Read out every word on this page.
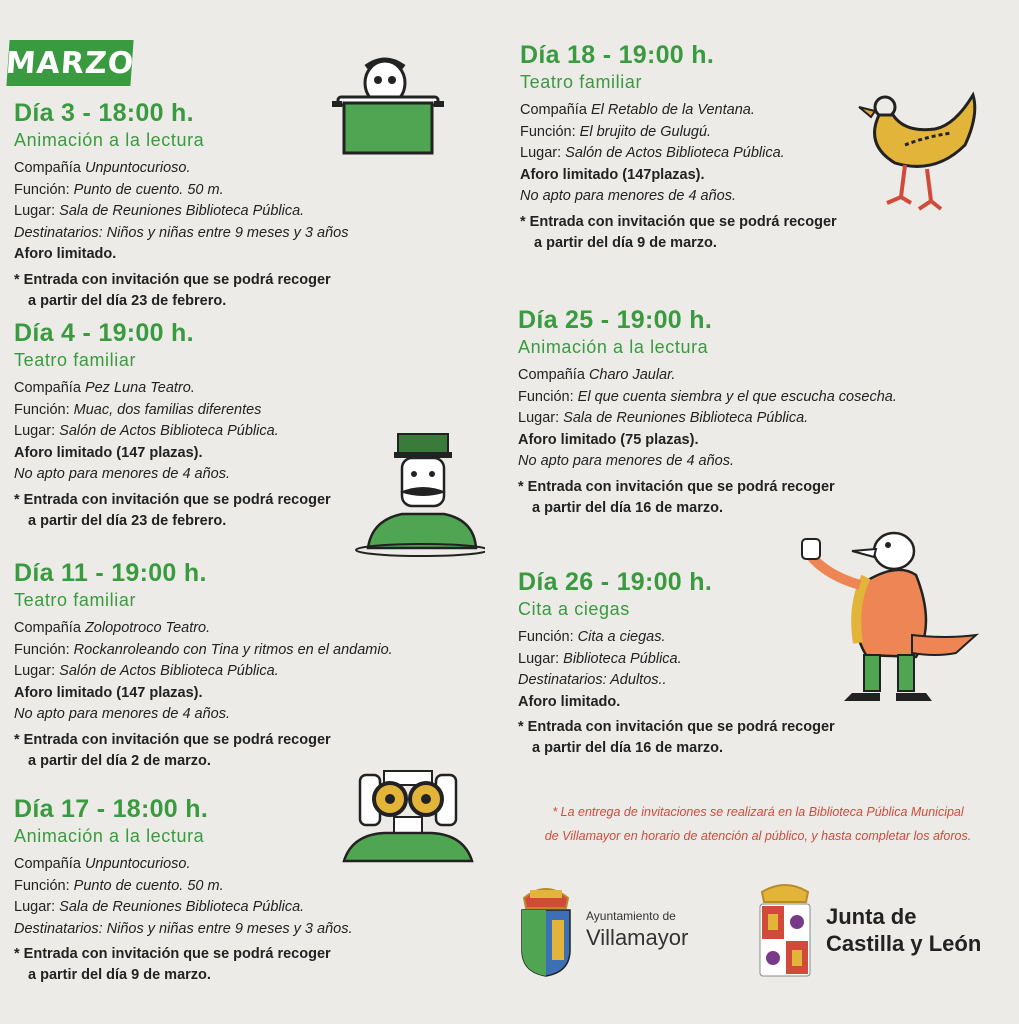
MARZO
Día 3 - 18:00 h.
Animación a la lectura
Compañía Unpuntocurioso.
Función: Punto de cuento. 50 m.
Lugar: Sala de Reuniones Biblioteca Pública.
Destinatarios: Niños y niñas entre 9 meses y 3 años
Aforo limitado.
* Entrada con invitación que se podrá recoger
a partir del día 23 de febrero.
Día 4 - 19:00 h.
Teatro familiar
Compañía Pez Luna Teatro.
Función: Muac, dos familias diferentes
Lugar: Salón de Actos Biblioteca Pública.
Aforo limitado (147 plazas).
No apto para menores de 4 años.
* Entrada con invitación que se podrá recoger
a partir del día 23 de febrero.
Día 11 - 19:00 h.
Teatro familiar
Compañía Zolopotroco Teatro.
Función: Rockanroleando con Tina y ritmos en el andamio.
Lugar: Salón de Actos Biblioteca Pública.
Aforo limitado (147 plazas).
No apto para menores de 4 años.
* Entrada con invitación que se podrá recoger
a partir del día 2 de marzo.
Día 17 - 18:00 h.
Animación a la lectura
Compañía Unpuntocurioso.
Función: Punto de cuento. 50 m.
Lugar: Sala de Reuniones Biblioteca Pública.
Destinatarios: Niños y niñas entre 9 meses y 3 años.
* Entrada con invitación que se podrá recoger
a partir del día 9 de marzo.
Día 18 - 19:00 h.
Teatro familiar
Compañía El Retablo de la Ventana.
Función: El brujito de Gulugú.
Lugar: Salón de Actos Biblioteca Pública.
Aforo limitado (147plazas).
No apto para menores de 4 años.
* Entrada con invitación que se podrá recoger
a partir del día 9 de marzo.
Día 25 - 19:00 h.
Animación a la lectura
Compañía Charo Jaular.
Función: El que cuenta siembra y el que escucha cosecha.
Lugar: Sala de Reuniones Biblioteca Pública.
Aforo limitado (75 plazas).
No apto para menores de 4 años.
* Entrada con invitación que se podrá recoger
a partir del día 16 de marzo.
Día 26 - 19:00 h.
Cita a ciegas
Función: Cita a ciegas.
Lugar: Biblioteca Pública.
Destinatarios: Adultos..
Aforo limitado.
* Entrada con invitación que se podrá recoger
a partir del día 16 de marzo.
* La entrega de invitaciones se realizará en la Biblioteca Pública Municipal
de Villamayor en horario de atención al público, y hasta completar los aforos.
Ayuntamiento de
Villamayor
Junta de
Castilla y León
